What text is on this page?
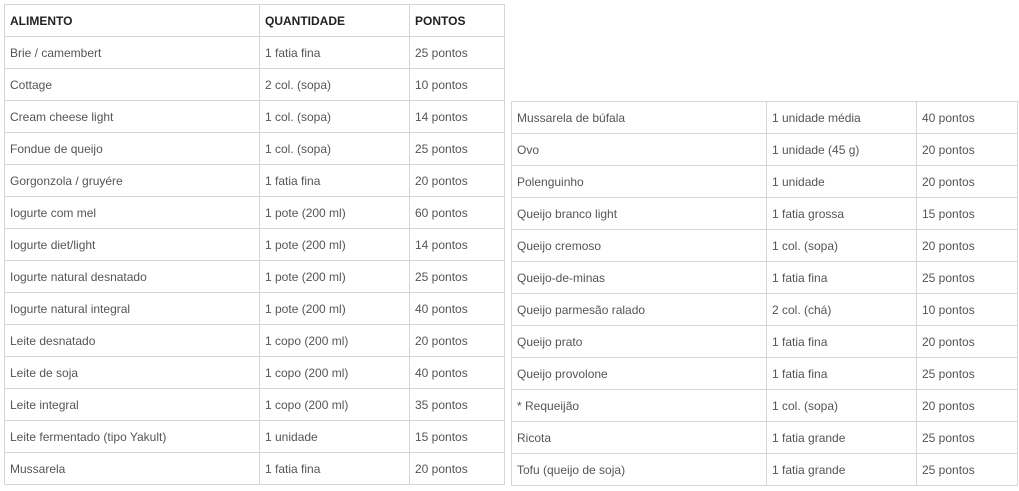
ALIMENTO	QUANTIDADE	PONTOS
Brie / camembert	1 fatia fina	25 pontos
Cottage	2 col. (sopa)	10 pontos
Cream cheese light	1 col. (sopa)	14 pontos
Fondue de queijo	1 col. (sopa)	25 pontos
Gorgonzola / gruyére	1 fatia fina	20 pontos
Iogurte com mel	1 pote (200 ml)	60 pontos
Iogurte diet/light	1 pote (200 ml)	14 pontos
Iogurte natural desnatado	1 pote (200 ml)	25 pontos
Iogurte natural integral	1 pote (200 ml)	40 pontos
Leite desnatado	1 copo (200 ml)	20 pontos
Leite de soja	1 copo (200 ml)	40 pontos
Leite integral	1 copo (200 ml)	35 pontos
Leite fermentado (tipo Yakult)	1 unidade	15 pontos
Mussarela	1 fatia fina	20 pontos
Mussarela de búfala	1 unidade média	40 pontos
Ovo	1 unidade (45 g)	20 pontos
Polenguinho	1 unidade	20 pontos
Queijo branco light	1 fatia grossa	15 pontos
Queijo cremoso	1 col. (sopa)	20 pontos
Queijo-de-minas	1 fatia fina	25 pontos
Queijo parmesão ralado	2 col. (chá)	10 pontos
Queijo prato	1 fatia fina	20 pontos
Queijo provolone	1 fatia fina	25 pontos
* Requeijão	1 col. (sopa)	20 pontos
Ricota	1 fatia grande	25 pontos
Tofu (queijo de soja)	1 fatia grande	25 pontos
